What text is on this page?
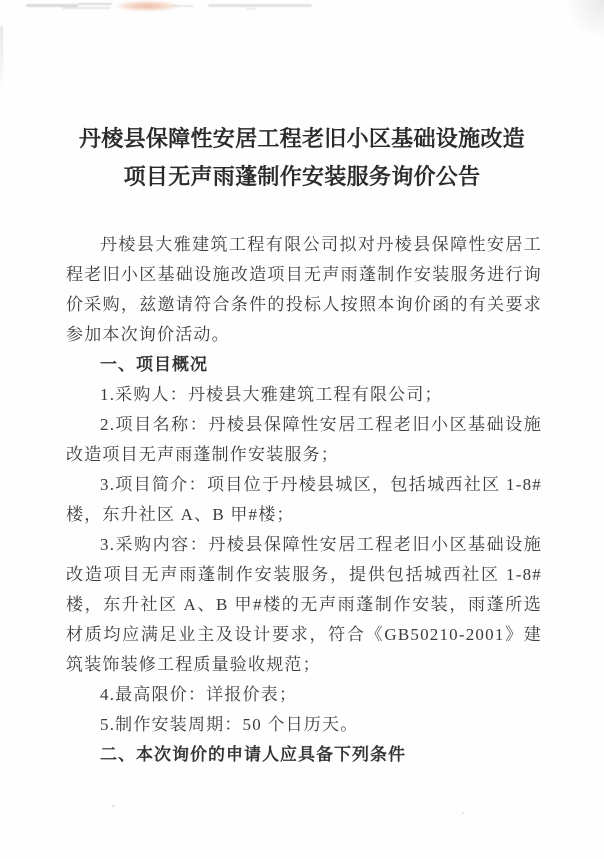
丹棱县保障性安居工程老旧小区基础设施改造
项目无声雨蓬制作安装服务询价公告

丹棱县大雅建筑工程有限公司拟对丹棱县保障性安居工程老旧小区基础设施改造项目无声雨蓬制作安装服务进行询价采购，兹邀请符合条件的投标人按照本询价函的有关要求参加本次询价活动。

一、项目概况

1.采购人：丹棱县大雅建筑工程有限公司；

2.项目名称：丹棱县保障性安居工程老旧小区基础设施改造项目无声雨蓬制作安装服务；

3.项目简介：项目位于丹棱县城区，包括城西社区 1-8#楼，东升社区 A、B 甲#楼；

3.采购内容：丹棱县保障性安居工程老旧小区基础设施改造项目无声雨蓬制作安装服务，提供包括城西社区 1-8#楼，东升社区 A、B 甲#楼的无声雨蓬制作安装，雨蓬所选材质均应满足业主及设计要求，符合《GB50210-2001》建筑装饰装修工程质量验收规范；

4.最高限价：详报价表；

5.制作安装周期：50 个日历天。

二、本次询价的申请人应具备下列条件
